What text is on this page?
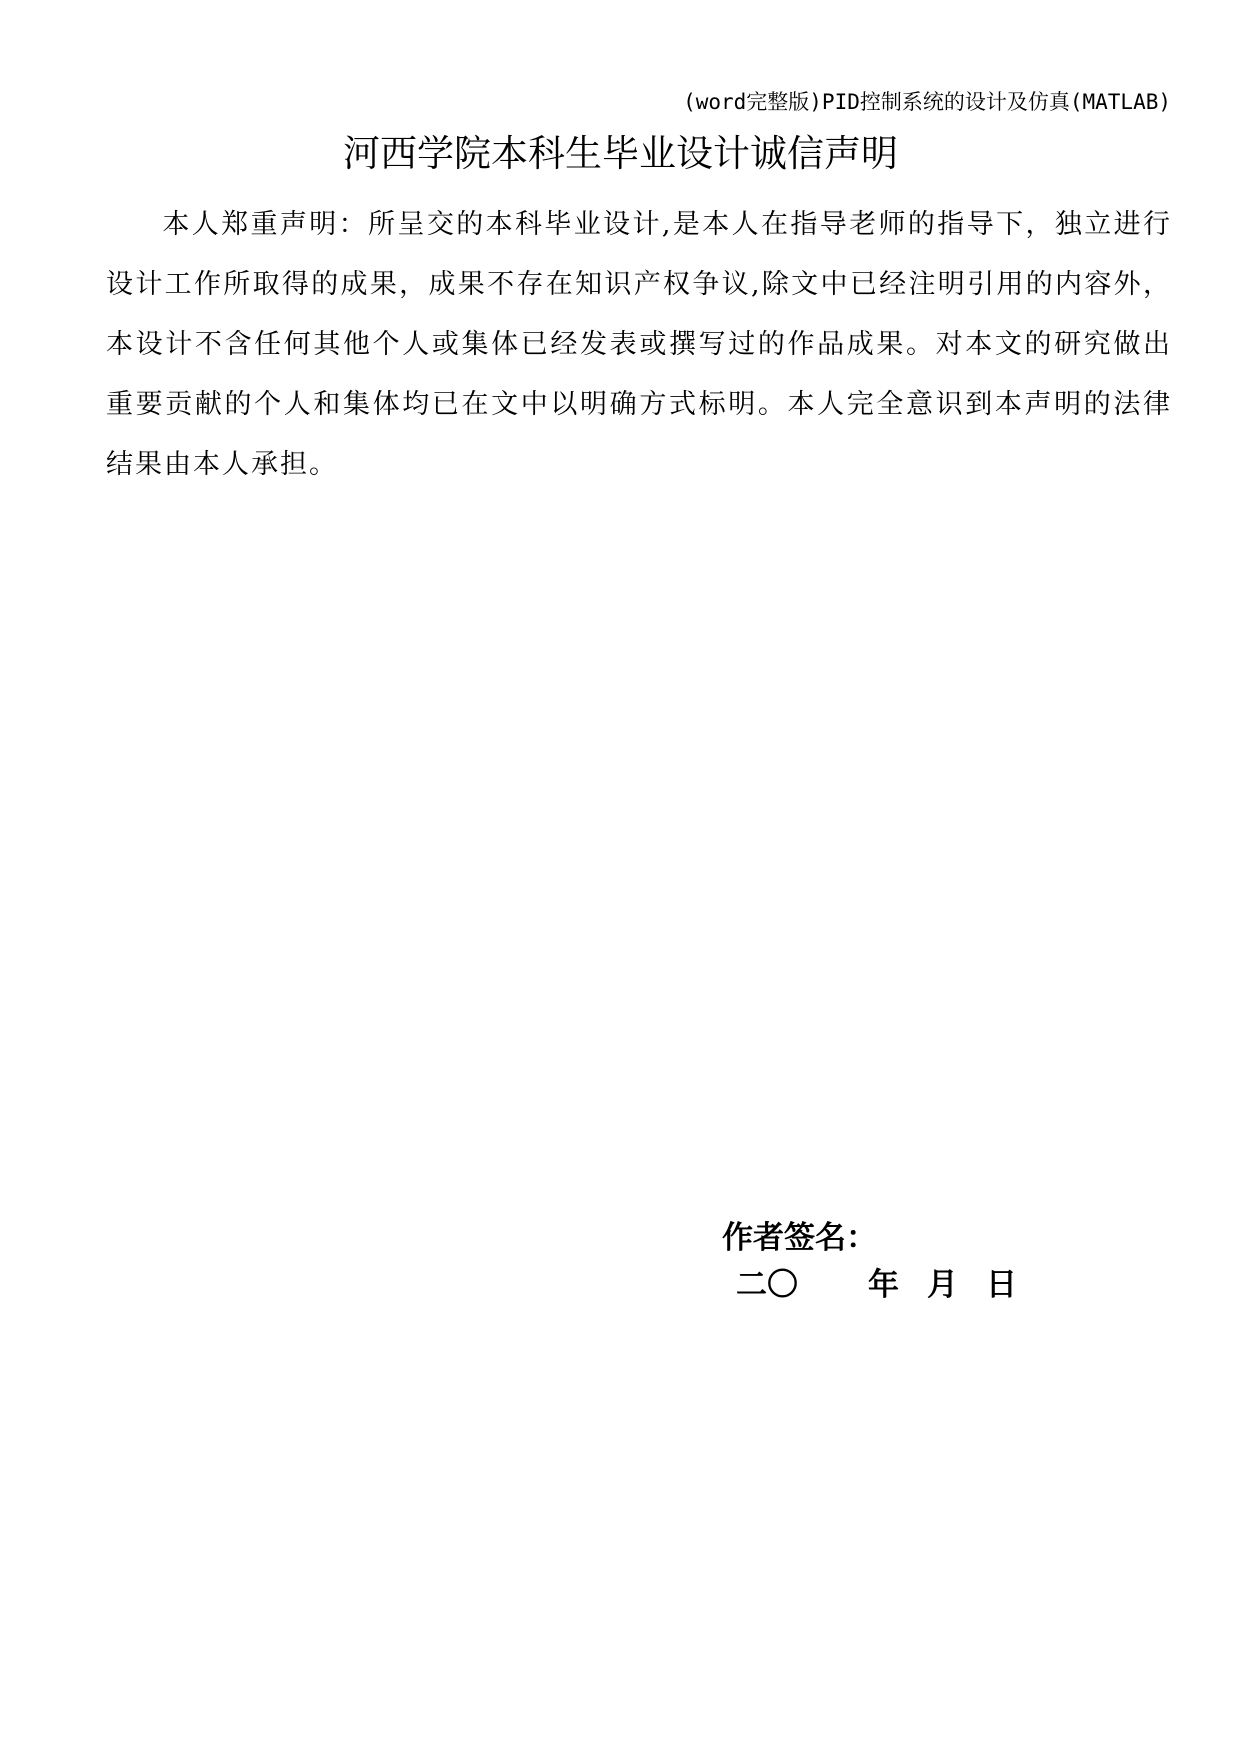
(word完整版)PID控制系统的设计及仿真(MATLAB)
河西学院本科生毕业设计诚信声明

本人郑重声明：所呈交的本科毕业设计,是本人在指导老师的指导下，独立进行设计工作所取得的成果，成果不存在知识产权争议,除文中已经注明引用的内容外，本设计不含任何其他个人或集体已经发表或撰写过的作品成果。对本文的研究做出重要贡献的个人和集体均已在文中以明确方式标明。本人完全意识到本声明的法律结果由本人承担。

作者签名：
二〇 年 月 日
